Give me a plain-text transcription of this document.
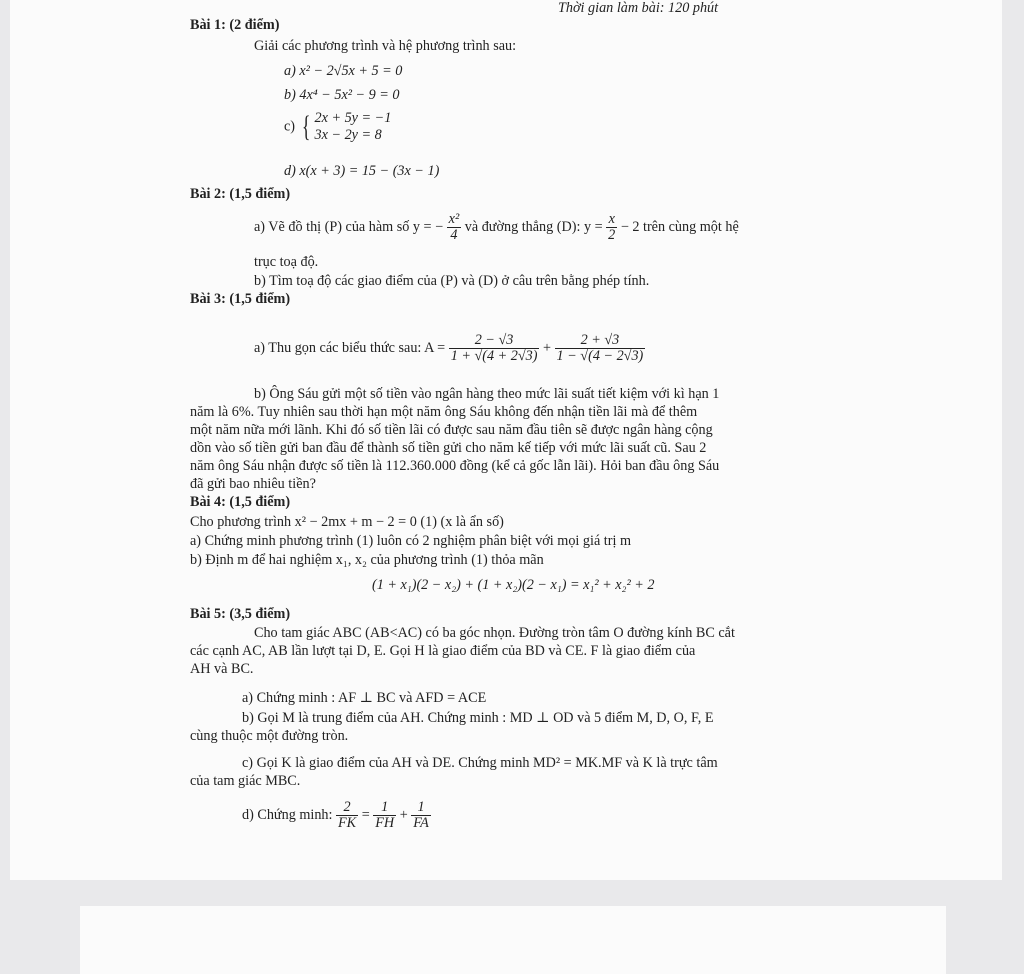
Thời gian làm bài: 120 phút
Bài 1: (2 điểm)
Giải các phương trình và hệ phương trình sau:
a) x² − 2√5x + 5 = 0
b) 4x⁴ − 5x² − 9 = 0
c) { 2x + 5y = −1
3x − 2y = 8
d) x(x + 3) = 15 − (3x − 1)
Bài 2: (1,5 điểm)
a) Vẽ đồ thị (P) của hàm số y = − $\frac{\text{x²}}{4}$ và đường thẳng (D): $y = \frac{x}{2} - 2$ trên cùng một hệ
trục toạ độ.
b) Tìm toạ độ các giao điểm của (P) và (D) ở câu trên bằng phép tính.
Bài 3: (1,5 điểm)
a) Thu gọn các biểu thức sau: $A = \frac{2 - √3}{1 + √(4 + 2√3)} + \frac{2 + √3}{1 - √(4 - 2√3)}$
b) Ông Sáu gửi một số tiền vào ngân hàng theo mức lãi suất tiết kiệm với kì hạn 1
năm là 6%. Tuy nhiên sau thời hạn một năm ông Sáu không đến nhận tiền lãi mà để thêm
một năm nữa mới lãnh. Khi đó số tiền lãi có được sau năm đầu tiên sẽ được ngân hàng cộng
dồn vào số tiền gửi ban đầu để thành số tiền gửi cho năm kế tiếp với mức lãi suất cũ. Sau 2
năm ông Sáu nhận được số tiền là 112.360.000 đồng (kể cả gốc lẫn lãi). Hỏi ban đầu ông Sáu
đã gửi bao nhiêu tiền?
Bài 4: (1,5 điểm)
Cho phương trình x² − 2mx + m − 2 = 0 (1) (x là ẩn số)
a) Chứng minh phương trình (1) luôn có 2 nghiệm phân biệt với mọi giá trị m
b) Định m để hai nghiệm x₁, x₂ của phương trình (1) thỏa mãn
(1 + x₁)(2 − x₂) + (1 + x₂)(2 − x₁) = x₁² + x₂² + 2
Bài 5: (3,5 điểm)
Cho tam giác ABC (AB<AC) có ba góc nhọn. Đường tròn tâm O đường kính BC cắt
các cạnh AC, AB lần lượt tại D, E. Gọi H là giao điểm của BD và CE. F là giao điểm của
AH và BC.
a) Chứng minh : AF ⊥ BC và AFD = ACE
b) Gọi M là trung điểm của AH. Chứng minh : MD ⊥ OD và 5 điểm M, D, O, F, E
cùng thuộc một đường tròn.
c) Gọi K là giao điểm của AH và DE. Chứng minh MD² = MK.MF và K là trực tâm
của tam giác MBC.
d) Chứng minh: $\frac{2}{FK} = \frac{1}{FH} + \frac{1}{FA}$
